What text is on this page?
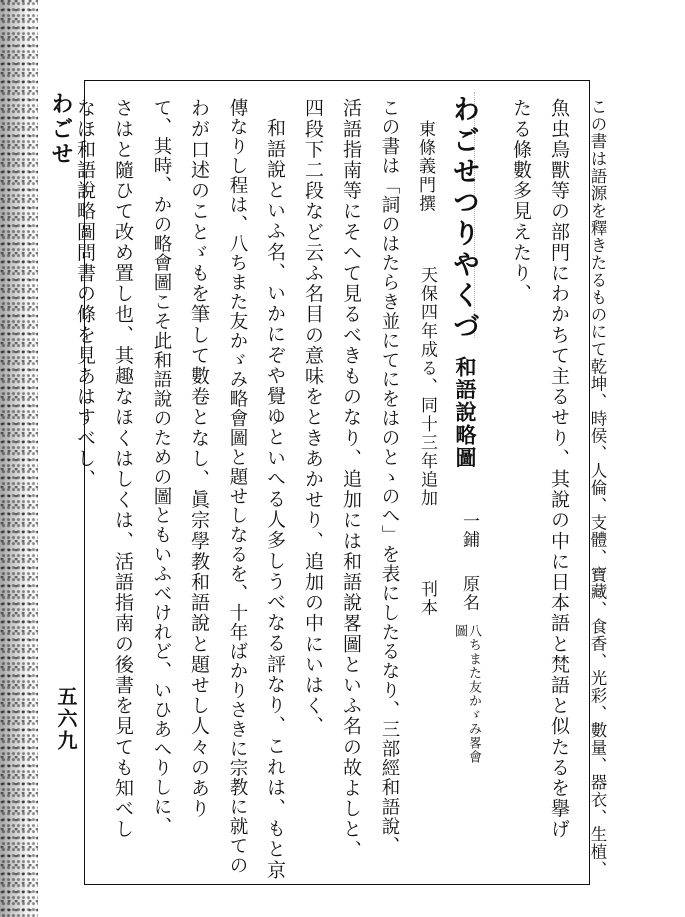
わごせ
五六九	この書は語源を釋きたるものにて乾坤、時侯、人倫、支體、寶藏、食香、光彩、數量、器衣、生植、
魚虫鳥獸等の部門にわかちて主るせり、其說の中に日本語と梵語と似たるを擧げ
たる條數多見えたり、
わごせつりやくづ
和語說略圖
一鋪
原名
八ちまた友かゞみ畧會圖
東條義門撰
天保四年成る、同十三年追加
刊本
この書は「詞のはたらき並にてにをはのとゝのへ」を表にしたるなり、三部經和語說、
活語指南等にそへて見るべきものなり、追加には和語說畧圖といふ名の故よしと、
四段下二段など云ふ名目の意味をときあかせり、追加の中にいはく、
和語說といふ名、いかにぞや覺ゆといへる人多しうべなる評なり、これは、もと京
傳なりし程は、八ちまた友かゞみ略會圖と題せしなるを、十年ばかりさきに宗教に就ての
わが口述のことゞもを筆して數卷となし、眞宗學教和語說と題せし人々のあり
て、其時、かの略會圖こそ此和語說のための圖ともいふべけれど、いひあへりしに、
さはと隨ひて改め置し也、其趣なほくはしくは、活語指南の後書を見ても知べし
なほ和語說略圖問書の條を見あはすべし、
